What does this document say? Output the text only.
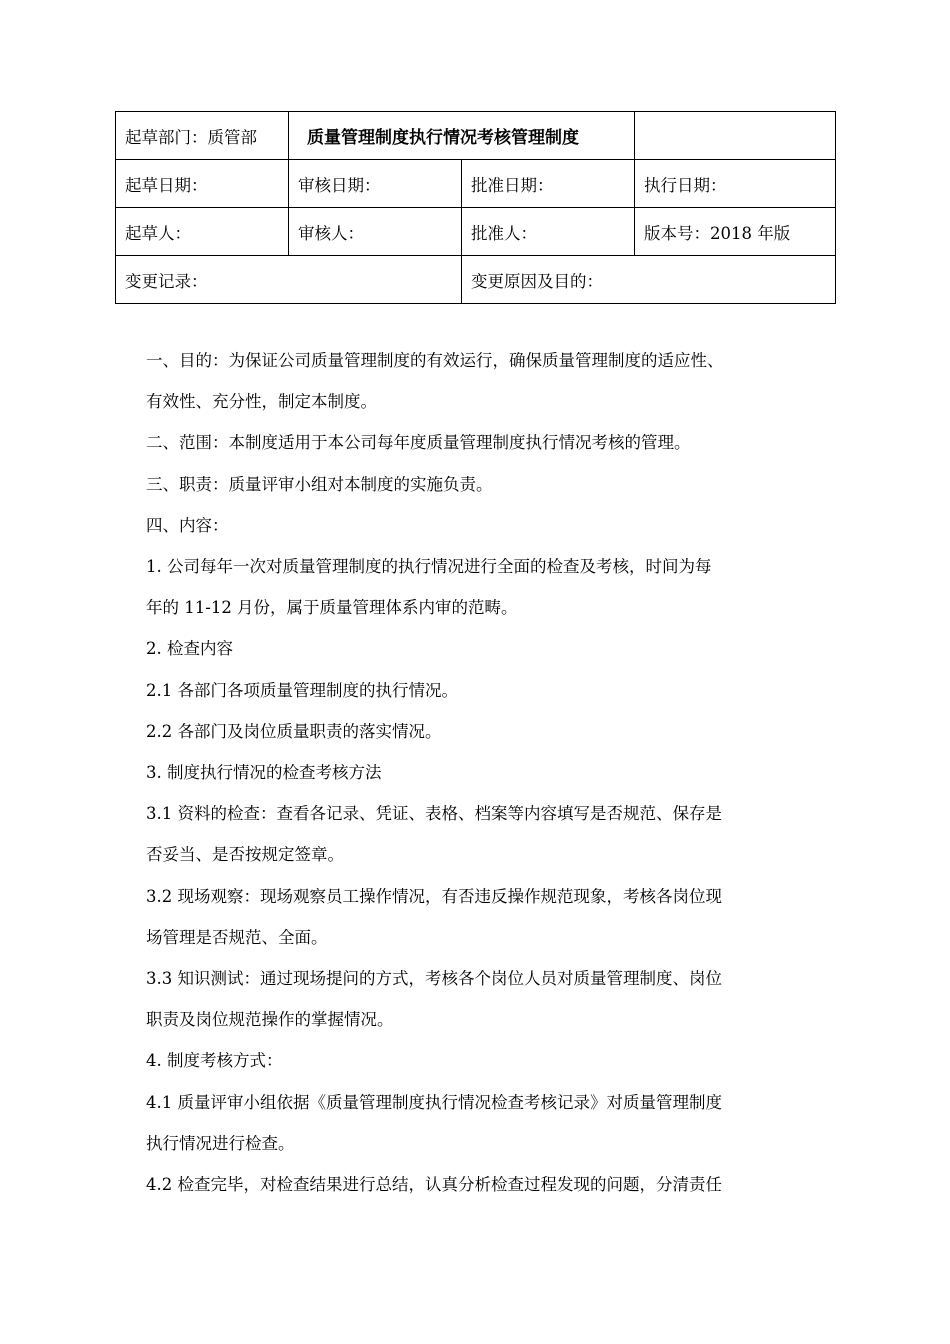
起草部门：质管部	质量管理制度执行情况考核管理制度		
起草日期：	审核日期：	批准日期：	执行日期：
起草人：	审核人：	批准人：	版本号：2018 年版
变更记录：		变更原因及目的：	

一、目的：为保证公司质量管理制度的有效运行，确保质量管理制度的适应性、

有效性、充分性，制定本制度。

二、范围：本制度适用于本公司每年度质量管理制度执行情况考核的管理。

三、职责：质量评审小组对本制度的实施负责。

四、内容：

1. 公司每年一次对质量管理制度的执行情况进行全面的检查及考核，时间为每

年的 11-12 月份，属于质量管理体系内审的范畴。

2. 检查内容

2.1 各部门各项质量管理制度的执行情况。

2.2 各部门及岗位质量职责的落实情况。

3. 制度执行情况的检查考核方法

3.1 资料的检查：查看各记录、凭证、表格、档案等内容填写是否规范、保存是

否妥当、是否按规定签章。

3.2 现场观察：现场观察员工操作情况，有否违反操作规范现象，考核各岗位现

场管理是否规范、全面。

3.3 知识测试：通过现场提问的方式，考核各个岗位人员对质量管理制度、岗位

职责及岗位规范操作的掌握情况。

4. 制度考核方式：

4.1 质量评审小组依据《质量管理制度执行情况检查考核记录》对质量管理制度

执行情况进行检查。

4.2 检查完毕，对检查结果进行总结，认真分析检查过程发现的问题，分清责任
